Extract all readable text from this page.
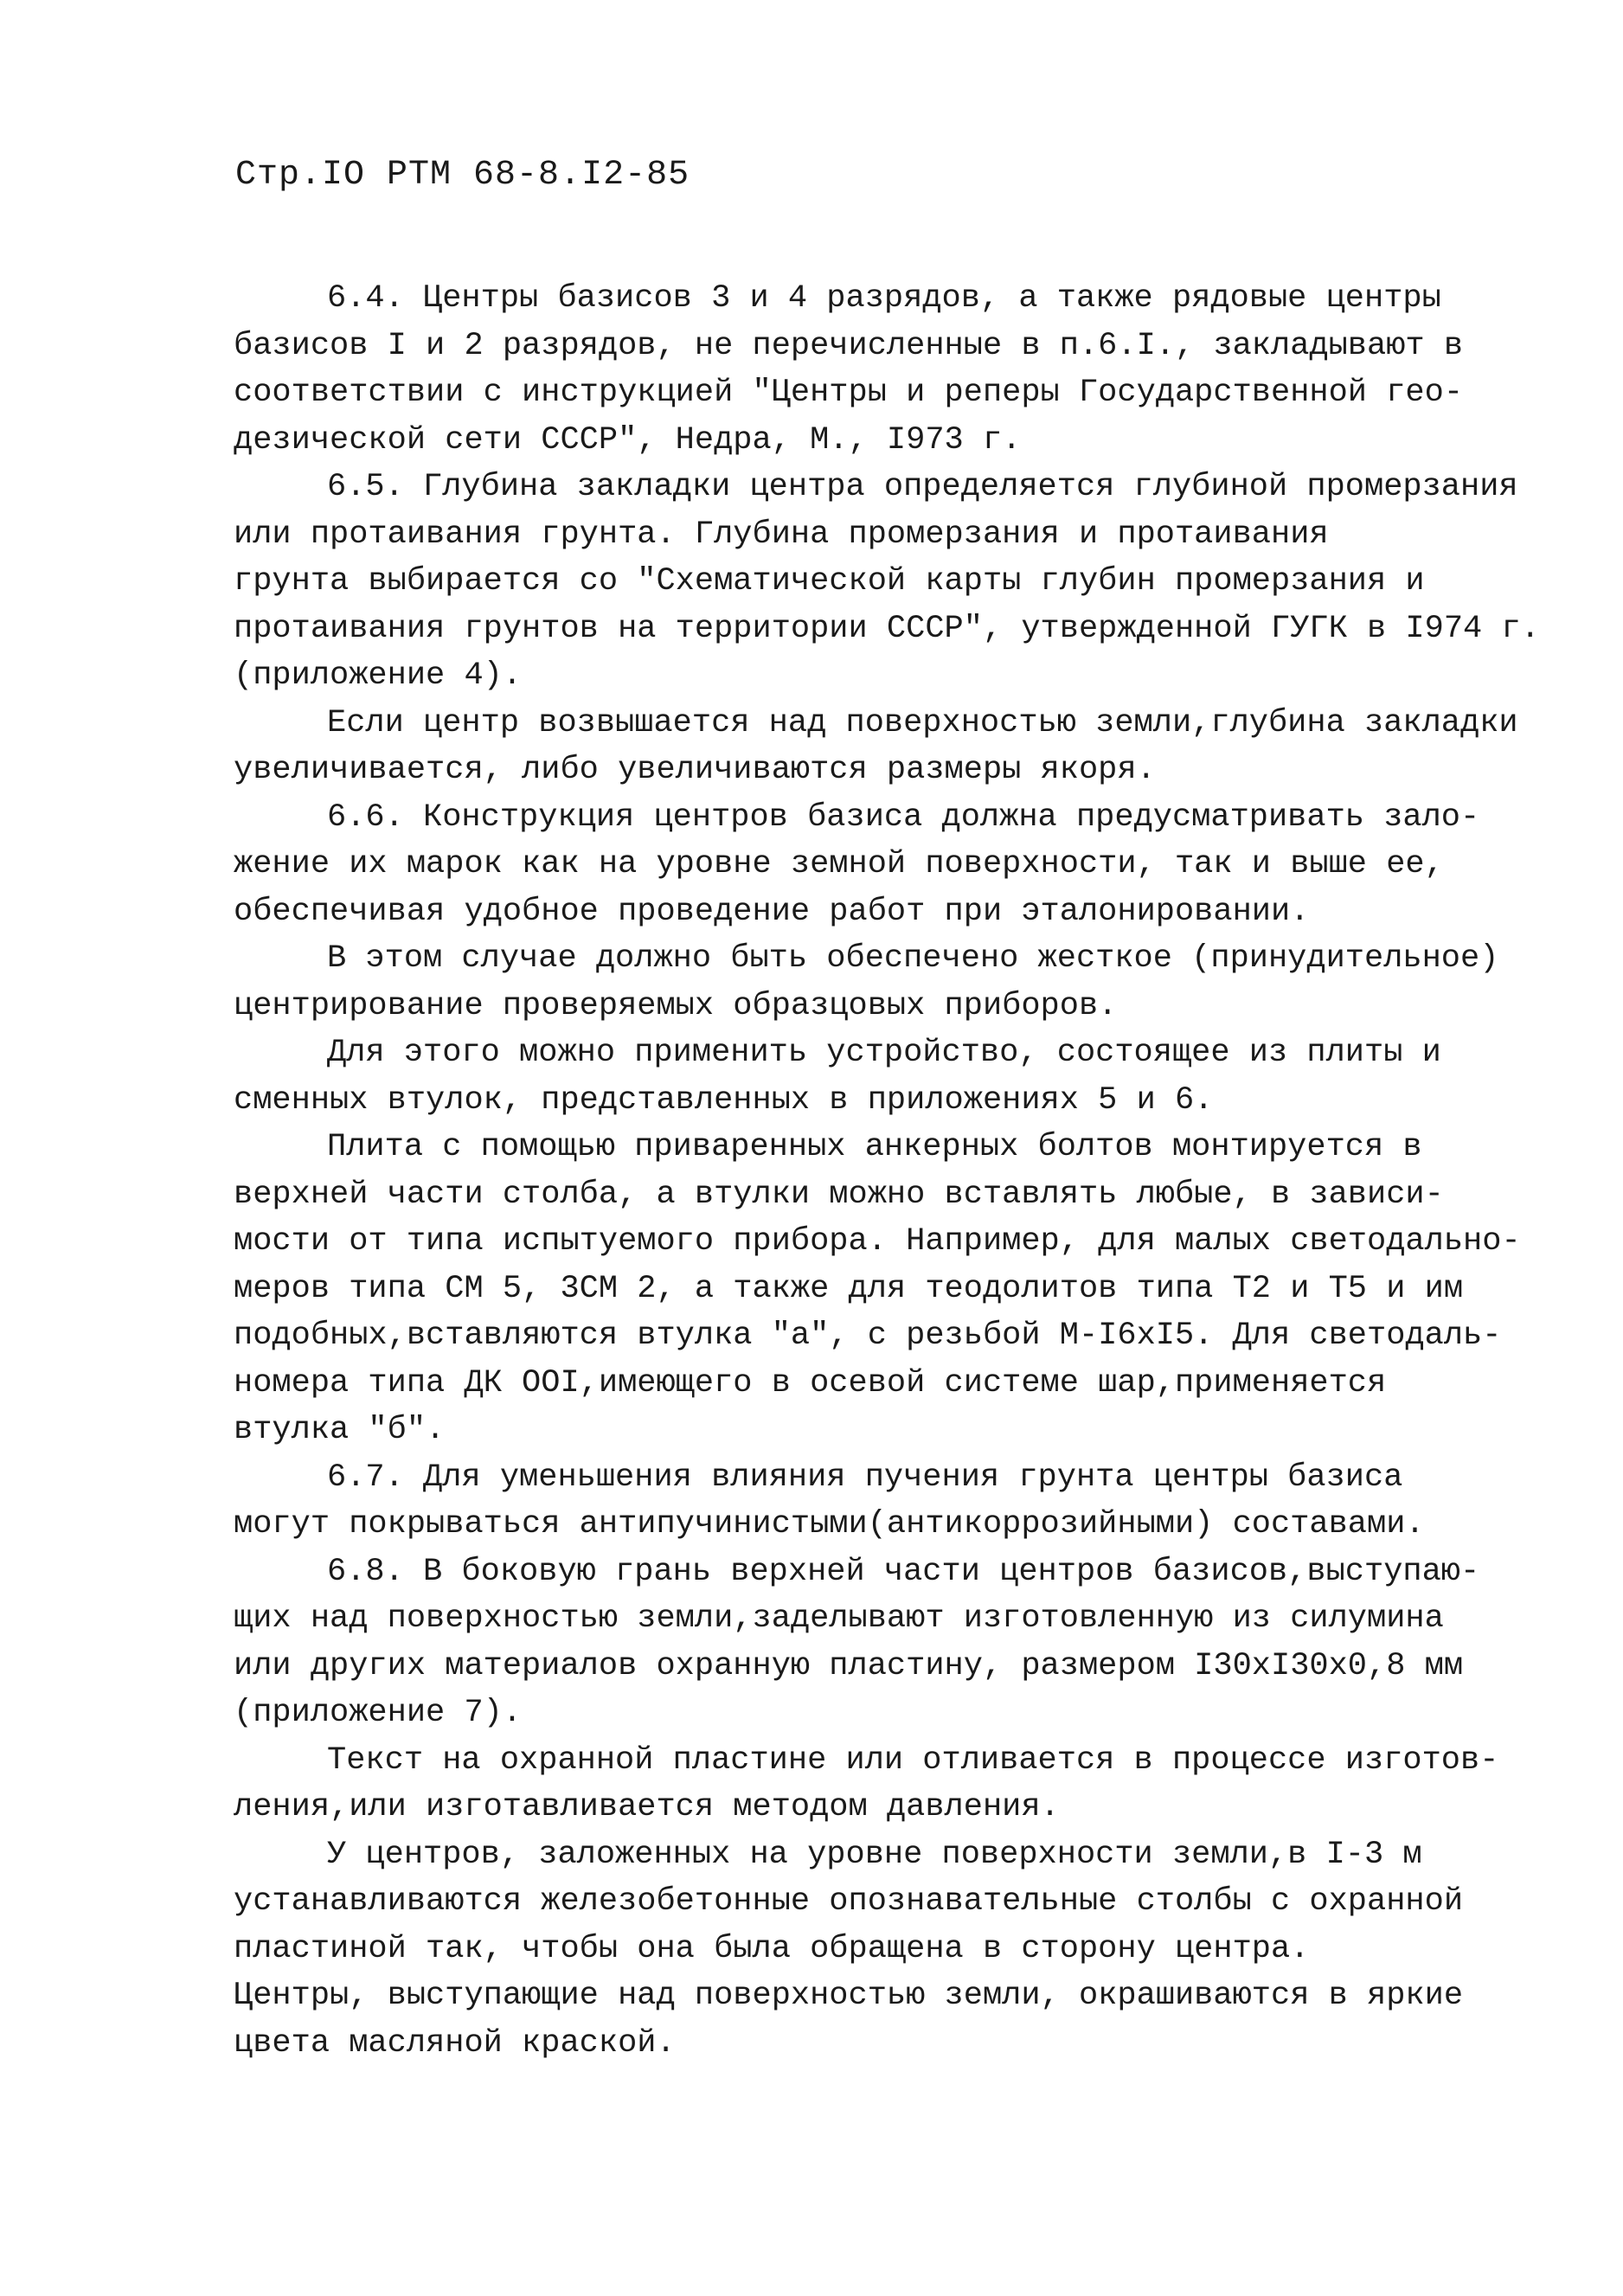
Стр.IO РТМ 68-8.I2-85
6.4. Центры базисов 3 и 4 разрядов, а также рядовые центры
базисов I и 2 разрядов, не перечисленные в п.6.I., закладывают в
соответствии с инструкцией "Центры и реперы Государственной гео-
дезической сети СССР", Недра, М., I973 г.
6.5. Глубина закладки центра определяется глубиной промерзания
или протаивания грунта. Глубина промерзания и протаивания
грунта выбирается со "Схематической карты глубин промерзания и
протаивания грунтов на территории СССР", утвержденной ГУГК в I974 г.
(приложение 4).
Если центр возвышается над поверхностью земли,глубина закладки
увеличивается, либо увеличиваются размеры якоря.
6.6. Конструкция центров базиса должна предусматривать зало-
жение их марок как на уровне земной поверхности, так и выше ее,
обеспечивая удобное проведение работ при эталонировании.
В этом случае должно быть обеспечено жесткое (принудительное)
центрирование проверяемых образцовых приборов.
Для этого можно применить устройство, состоящее из плиты и
сменных втулок, представленных в приложениях 5 и 6.
Плита с помощью приваренных анкерных болтов монтируется в
верхней части столба, а втулки можно вставлять любые, в зависи-
мости от типа испытуемого прибора. Например, для малых светодально-
меров типа СМ 5, 3СМ 2, а также для теодолитов типа Т2 и Т5 и им
подобных,вставляются втулка "а", с резьбой М-I6хI5. Для светодаль-
номера типа ДК OOI,имеющего в осевой системе шар,применяется
втулка "б".
6.7. Для уменьшения влияния пучения грунта центры базиса
могут покрываться антипучинистыми(антикоррозийными) составами.
6.8. В боковую грань верхней части центров базисов,выступаю-
щих над поверхностью земли,заделывают изготовленную из силумина
или других материалов охранную пластину, размером I30хI30х0,8 мм
(приложение 7).
Текст на охранной пластине или отливается в процессе изготов-
ления,или изготавливается методом давления.
У центров, заложенных на уровне поверхности земли,в I-3 м
устанавливаются железобетонные опознавательные столбы с охранной
пластиной так, чтобы она была обращена в сторону центра.
Центры, выступающие над поверхностью земли, окрашиваются в яркие
цвета масляной краской.
